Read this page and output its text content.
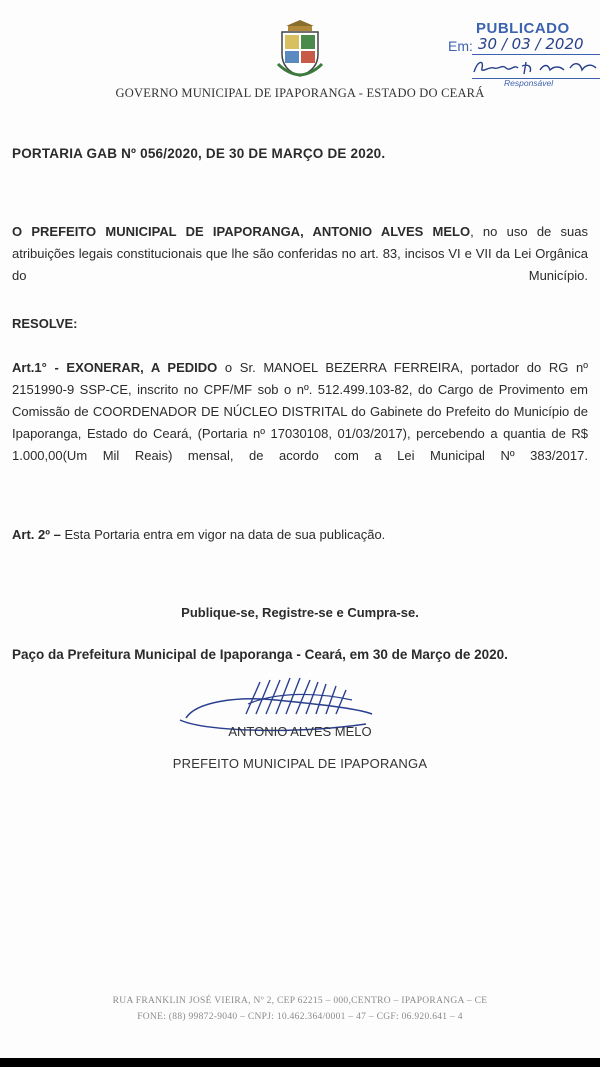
GOVERNO MUNICIPAL DE IPAPORANGA - ESTADO DO CEARÁ
PUBLICADO
Em: 30 / 03 / 2020
Responsável
PORTARIA GAB Nº 056/2020, DE 30 DE MARÇO DE 2020.
O PREFEITO MUNICIPAL DE IPAPORANGA, ANTONIO ALVES MELO, no uso de suas atribuições legais constitucionais que lhe são conferidas no art. 83, incisos VI e VII da Lei Orgânica do Município.
RESOLVE:
Art.1° - EXONERAR, A PEDIDO o Sr. MANOEL BEZERRA FERREIRA, portador do RG nº 2151990-9 SSP-CE, inscrito no CPF/MF sob o nº. 512.499.103-82, do Cargo de Provimento em Comissão de COORDENADOR DE NÚCLEO DISTRITAL do Gabinete do Prefeito do Município de Ipaporanga, Estado do Ceará, (Portaria nº 17030108, 01/03/2017), percebendo a quantia de R$ 1.000,00(Um Mil Reais) mensal, de acordo com a Lei Municipal Nº 383/2017.
Art. 2º – Esta Portaria entra em vigor na data de sua publicação.
Publique-se, Registre-se e Cumpra-se.
Paço da Prefeitura Municipal de Ipaporanga - Ceará, em 30 de Março de 2020.
ANTONIO ALVES MELO
PREFEITO MUNICIPAL DE IPAPORANGA
RUA FRANKLIN JOSÉ VIEIRA, Nº 2, CEP 62215 – 000,CENTRO – IPAPORANGA – CE
FONE: (88) 99872-9040 – CNPJ: 10.462.364/0001 – 47 – CGF: 06.920.641 – 4
